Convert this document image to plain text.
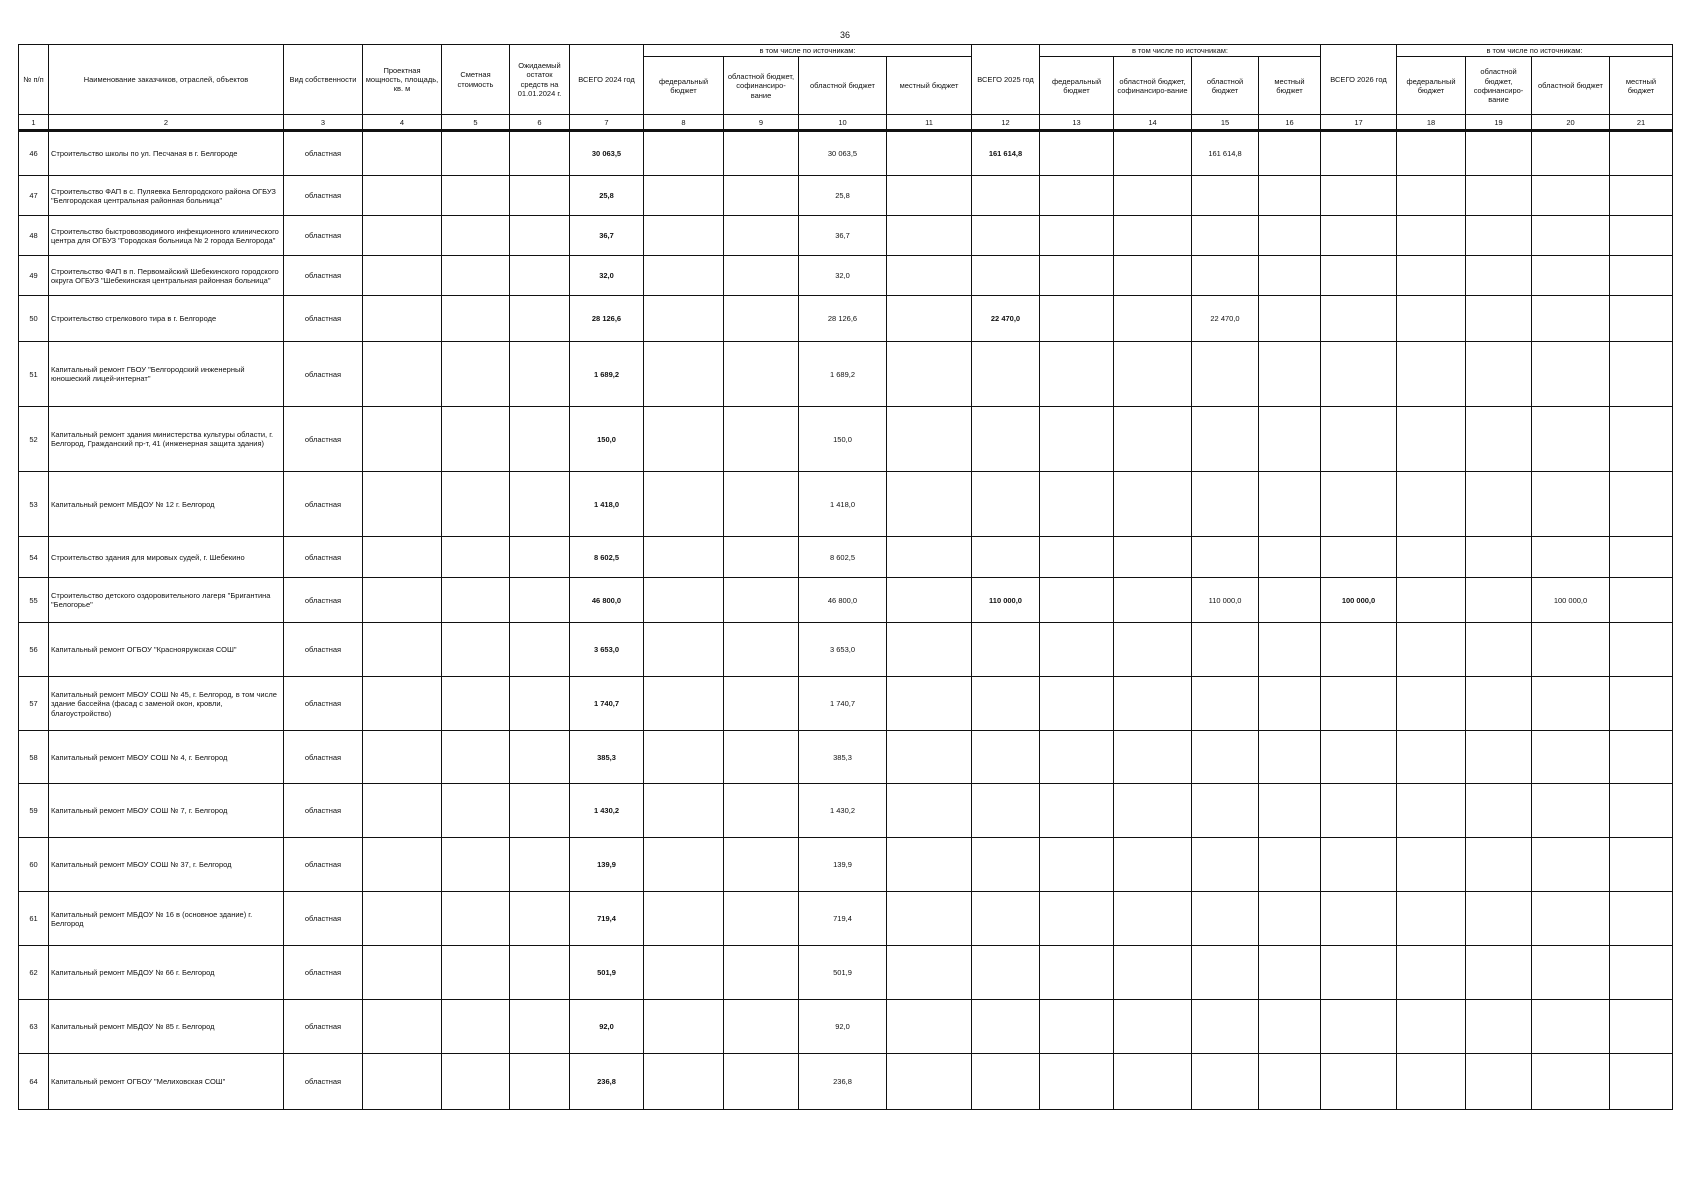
36
№ п/п	Наименование заказчиков, отраслей, объектов	Вид собственности	Проектная мощность, площадь, кв. м	Сметная стоимость	Ожидаемый остаток средств на 01.01.2024 г.	ВСЕГО 2024 год	в том числе по источникам:				ВСЕГО 2025 год	в том числе по источникам:				ВСЕГО 2026 год	в том числе по источникам:			
							федеральный бюджет	областной бюджет, софинансиро-вание	областной бюджет	местный бюджет		федеральный бюджет	областной бюджет, софинансиро-вание	областной бюджет	местный бюджет		федеральный бюджет	областной бюджет, софинансиро-вание	областной бюджет	местный бюджет
1	2	3	4	5	6	7	8	9	10	11	12	13	14	15	16	17	18	19	20	21
46	Строительство школы по ул. Песчаная в г. Белгороде	областная				30 063,5			30 063,5		161 614,8			161 614,8						
47	Строительство ФАП в с. Пуляевка Белгородского района ОГБУЗ "Белгородская центральная районная больница"	областная				25,8			25,8											
48	Строительство быстровозводимого инфекционного клинического центра для ОГБУЗ "Городская больница № 2 города Белгорода"	областная				36,7			36,7											
49	Строительство ФАП в п. Первомайский Шебекинского городского округа ОГБУЗ "Шебекинская центральная районная больница"	областная				32,0			32,0											
50	Строительство стрелкового тира в г. Белгороде	областная				28 126,6			28 126,6		22 470,0			22 470,0						
51	Капитальный ремонт ГБОУ "Белгородский инженерный юношеский лицей-интернат"	областная				1 689,2			1 689,2											
52	Капитальный ремонт здания министерства культуры области, г. Белгород, Гражданский пр-т, 41 (инженерная защита здания)	областная				150,0			150,0											
53	Капитальный ремонт МБДОУ № 12 г. Белгород	областная				1 418,0			1 418,0											
54	Строительство здания для мировых судей, г. Шебекино	областная				8 602,5			8 602,5											
55	Строительство детского оздоровительного лагеря "Бригантина "Белогорье"	областная				46 800,0			46 800,0		110 000,0			110 000,0		100 000,0			100 000,0	
56	Капитальный ремонт ОГБОУ "Краснояружская СОШ"	областная				3 653,0			3 653,0											
57	Капитальный ремонт МБОУ СОШ № 45, г. Белгород, в том числе здание бассейна (фасад с заменой окон, кровли, благоустройство)	областная				1 740,7			1 740,7											
58	Капитальный ремонт МБОУ СОШ № 4, г. Белгород	областная				385,3			385,3											
59	Капитальный ремонт МБОУ СОШ № 7, г. Белгород	областная				1 430,2			1 430,2											
60	Капитальный ремонт МБОУ СОШ № 37, г. Белгород	областная				139,9			139,9											
61	Капитальный ремонт МБДОУ № 16 в (основное здание) г. Белгород	областная				719,4			719,4											
62	Капитальный ремонт МБДОУ № 66 г. Белгород	областная				501,9			501,9											
63	Капитальный ремонт МБДОУ № 85 г. Белгород	областная				92,0			92,0											
64	Капитальный ремонт ОГБОУ "Мелиховская СОШ"	областная				236,8			236,8											
